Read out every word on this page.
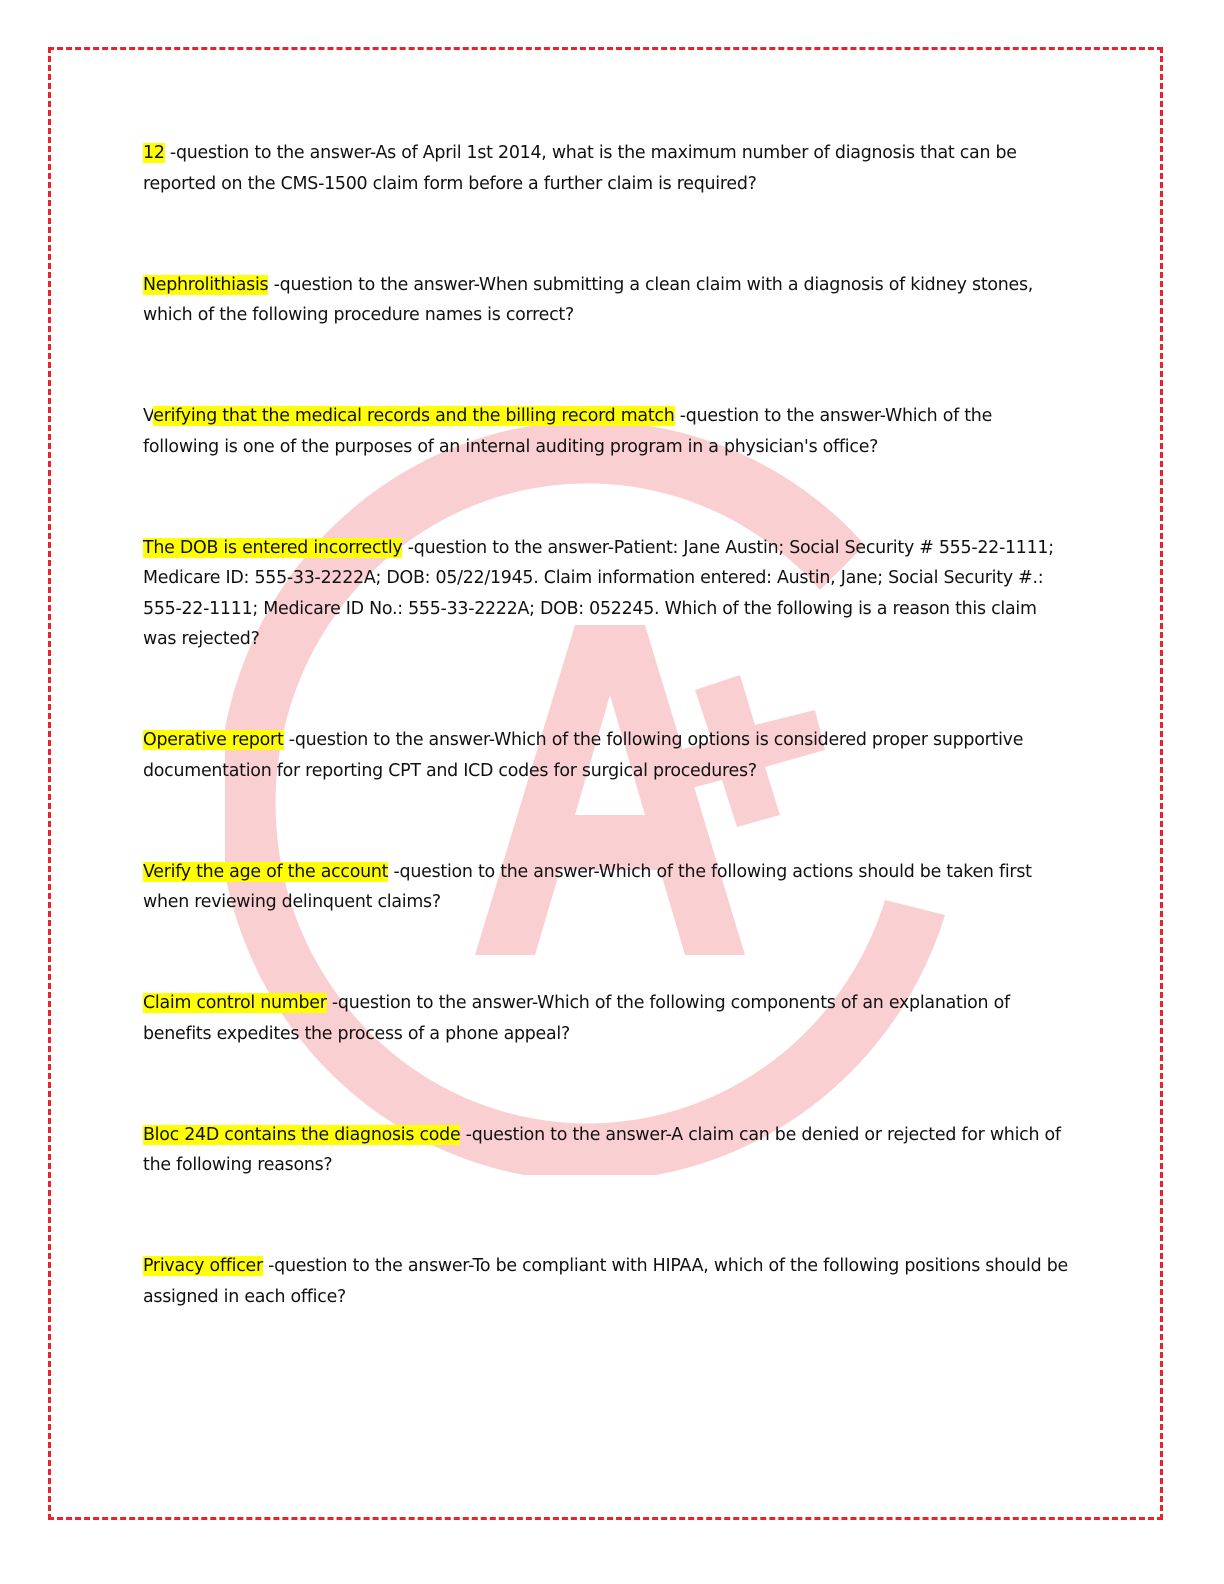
12 -question to the answer-As of April 1st 2014, what is the maximum number of diagnosis that can be reported on the CMS-1500 claim form before a further claim is required?

Nephrolithiasis -question to the answer-When submitting a clean claim with a diagnosis of kidney stones, which of the following procedure names is correct?

Verifying that the medical records and the billing record match -question to the answer-Which of the following is one of the purposes of an internal auditing program in a physician's office?

The DOB is entered incorrectly -question to the answer-Patient: Jane Austin; Social Security # 555-22-1111; Medicare ID: 555-33-2222A; DOB: 05/22/1945. Claim information entered: Austin, Jane; Social Security #.: 555-22-1111; Medicare ID No.: 555-33-2222A; DOB: 052245. Which of the following is a reason this claim was rejected?

Operative report -question to the answer-Which of the following options is considered proper supportive documentation for reporting CPT and ICD codes for surgical procedures?

Verify the age of the account -question to the answer-Which of the following actions should be taken first when reviewing delinquent claims?

Claim control number -question to the answer-Which of the following components of an explanation of benefits expedites the process of a phone appeal?

Bloc 24D contains the diagnosis code -question to the answer-A claim can be denied or rejected for which of the following reasons?

Privacy officer -question to the answer-To be compliant with HIPAA, which of the following positions should be assigned in each office?
